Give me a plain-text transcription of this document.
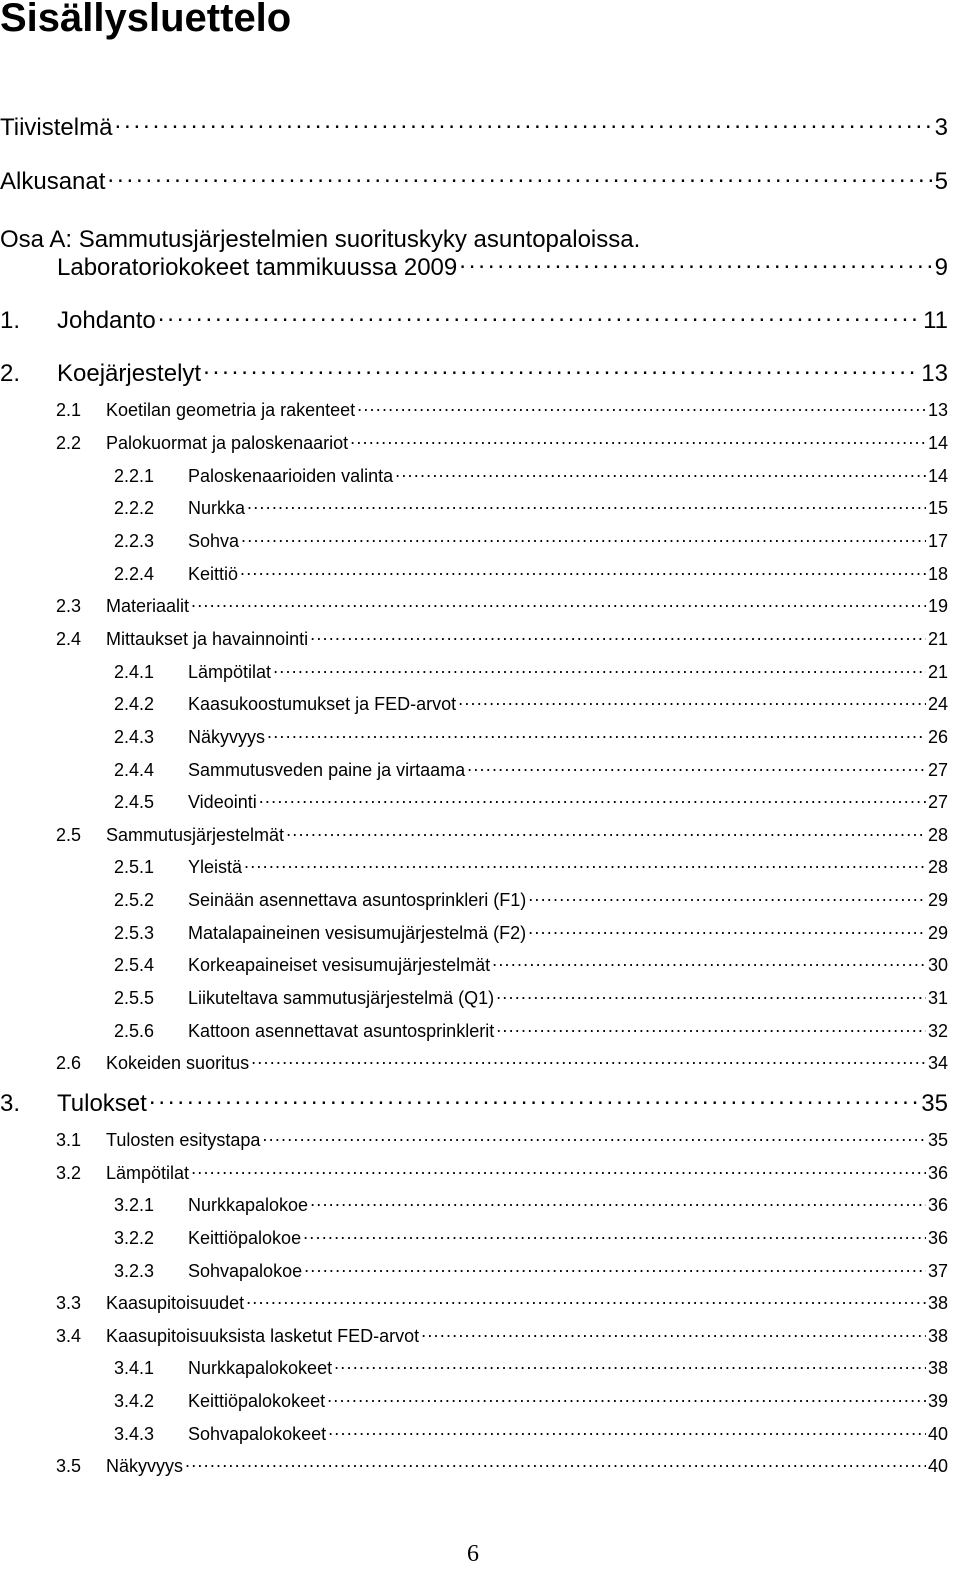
Sisällysluettelo
Osa A: Sammutusjärjestelmien suorituskyky asuntopaloissa.
Tiivistelmä . . .	3
Alkusanat . . .	5
Laboratoriokokeet tammikuussa 2009 . . .	9
1.	Johdanto . . .	11
2.	Koejärjestelyt . . .	13
2.1	Koetilan geometria ja rakenteet . . .	13
2.2	Palokuormat ja paloskenaariot . . .	14
2.2.1	Paloskenaarioiden valinta . . .	14
2.2.2	Nurkka . . .	15
2.2.3	Sohva . . .	17
2.2.4	Keittiö . . .	18
2.3	Materiaalit . . .	19
2.4	Mittaukset ja havainnointi . . .	21
2.4.1	Lämpötilat . . .	21
2.4.2	Kaasukoostumukset ja FED-arvot . . .	24
2.4.3	Näkyvyys . . .	26
2.4.4	Sammutusveden paine ja virtaama . . .	27
2.4.5	Videointi . . .	27
2.5	Sammutusjärjestelmät . . .	28
2.5.1	Yleistä . . .	28
2.5.2	Seinään asennettava asuntosprinkleri (F1) . . .	29
2.5.3	Matalapaineinen vesisumujärjestelmä (F2) . . .	29
2.5.4	Korkeapaineiset vesisumujärjestelmät . . .	30
2.5.5	Liikuteltava sammutusjärjestelmä (Q1) . . .	31
2.5.6	Kattoon asennettavat asuntosprinklerit . . .	32
2.6	Kokeiden suoritus . . .	34
3.	Tulokset . . .	35
3.1	Tulosten esitystapa . . .	35
3.2	Lämpötilat . . .	36
3.2.1	Nurkkapalokoe . . .	36
3.2.2	Keittiöpalokoe . . .	36
3.2.3	Sohvapalokoe . . .	37
3.3	Kaasupitoisuudet . . .	38
3.4	Kaasupitoisuuksista lasketut FED-arvot . . .	38
3.4.1	Nurkkapalokokeet . . .	38
3.4.2	Keittiöpalokokeet . . .	39
3.4.3	Sohvapalokokeet . . .	40
3.5	Näkyvyys . . .	40
6
